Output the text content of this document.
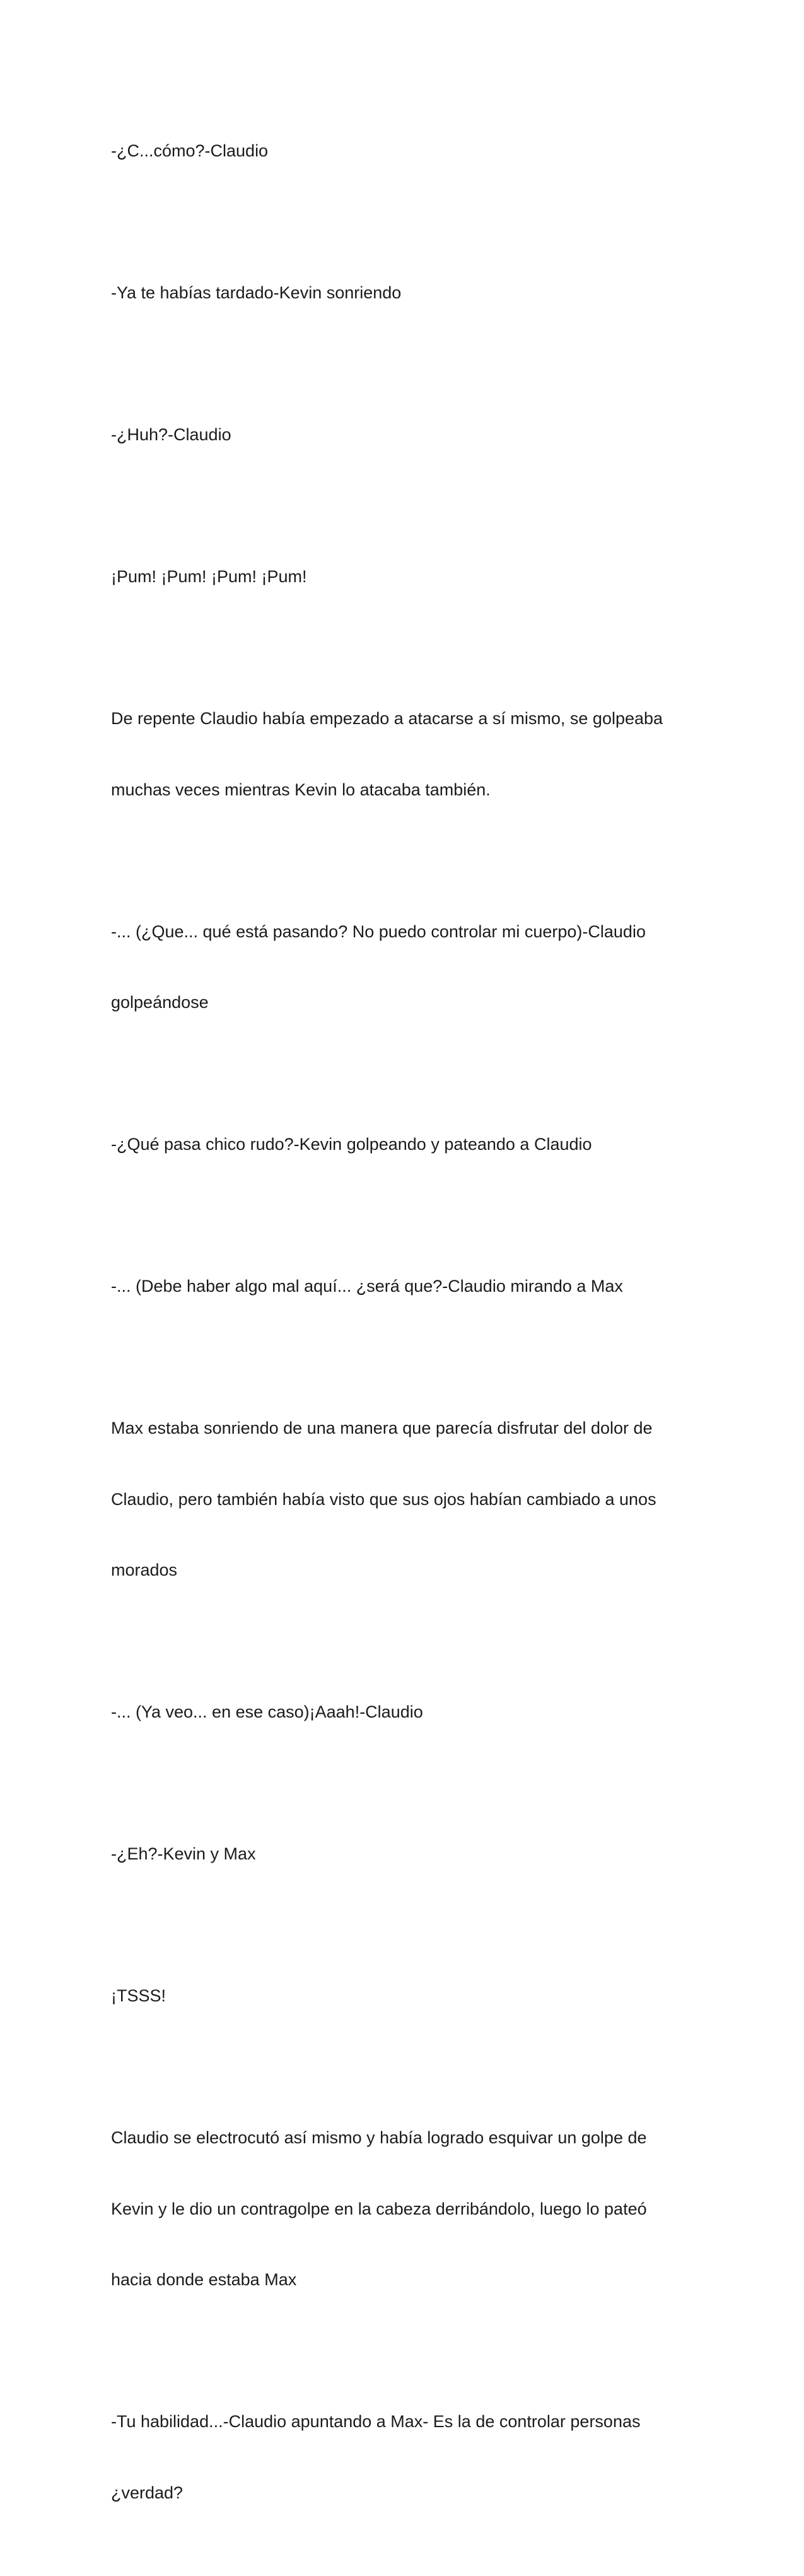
-¿C...cómo?-Claudio

-Ya te habías tardado-Kevin sonriendo

-¿Huh?-Claudio

¡Pum! ¡Pum! ¡Pum! ¡Pum!

De repente Claudio había empezado a atacarse a sí mismo, se golpeaba

muchas veces mientras Kevin lo atacaba también.

-... (¿Que... qué está pasando? No puedo controlar mi cuerpo)-Claudio

golpeándose

-¿Qué pasa chico rudo?-Kevin golpeando y pateando a Claudio

-... (Debe haber algo mal aquí... ¿será que?-Claudio mirando a Max

Max estaba sonriendo de una manera que parecía disfrutar del dolor de

Claudio, pero también había visto que sus ojos habían cambiado a unos

morados

-... (Ya veo... en ese caso)¡Aaah!-Claudio

-¿Eh?-Kevin y Max

¡TSSS!

Claudio se electrocutó así mismo y había logrado esquivar un golpe de

Kevin y le dio un contragolpe en la cabeza derribándolo, luego lo pateó

hacia donde estaba Max

-Tu habilidad...-Claudio apuntando a Max- Es la de controlar personas

¿verdad?
